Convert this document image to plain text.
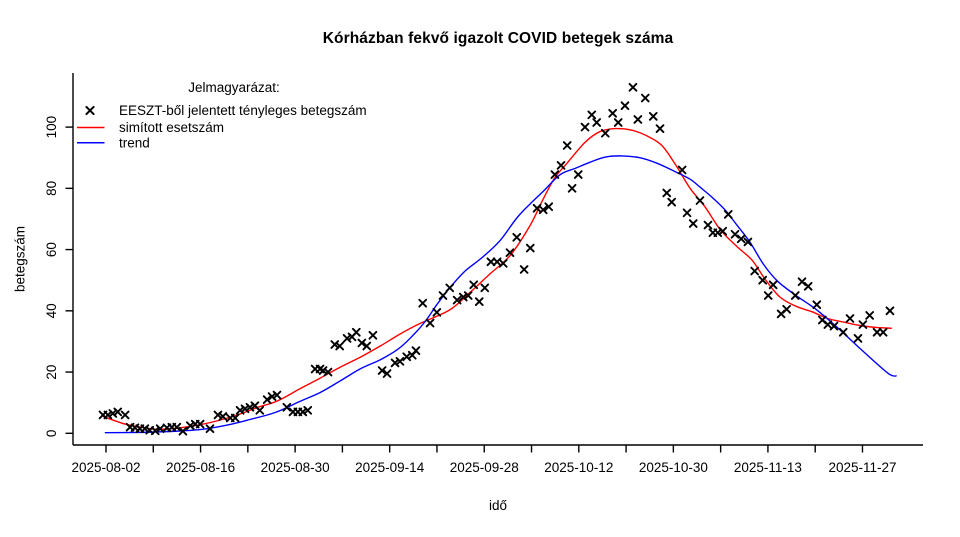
Kórházban fekvő igazolt COVID betegek száma
betegszám
idő
2025-08-02 2025-08-16 2025-08-30 2025-09-14 2025-09-28 2025-10-12 2025-10-30 2025-11-13 2025-11-27
0
20
40
60
80
100
Jelmagyarázat:
EESZT-ből jelentett tényleges betegszám
simított esetszám
trend
